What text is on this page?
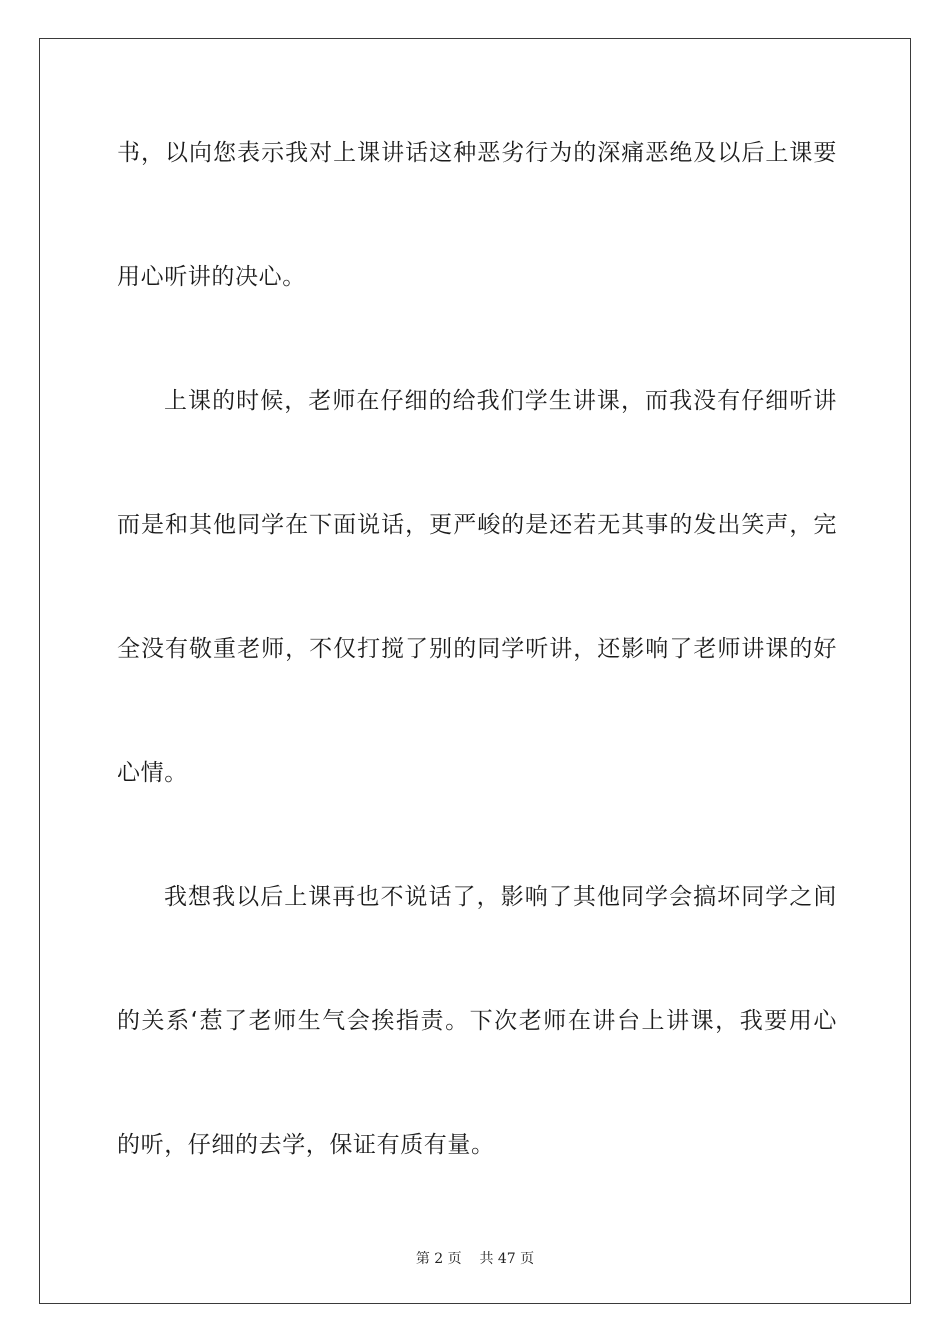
书，以向您表示我对上课讲话这种恶劣行为的深痛恶绝及以后上课要
用心听讲的决心。
上课的时候，老师在仔细的给我们学生讲课，而我没有仔细听讲
而是和其他同学在下面说话，更严峻的是还若无其事的发出笑声，完
全没有敬重老师，不仅打搅了别的同学听讲，还影响了老师讲课的好
心情。
我想我以后上课再也不说话了，影响了其他同学会搞坏同学之间
的关系‘惹了老师生气会挨指责。下次老师在讲台上讲课，我要用心
的听，仔细的去学，保证有质有量。
第 2 页 共 47 页
